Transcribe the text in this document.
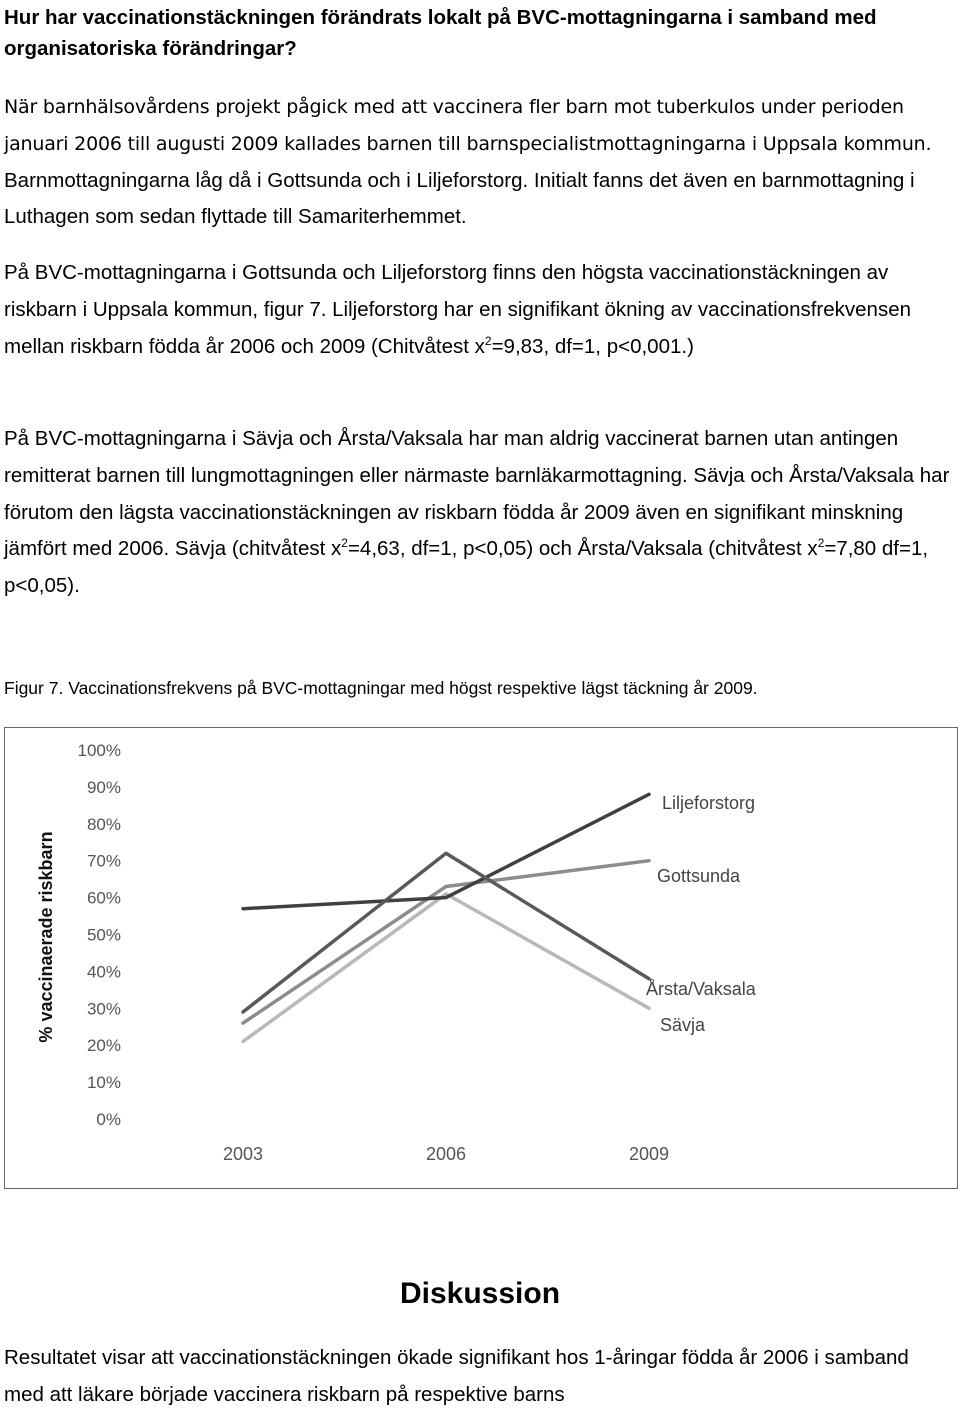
Hur har vaccinationstäckningen förändrats lokalt på BVC-mottagningarna i samband med organisatoriska förändringar?
När barnhälsovårdens projekt pågick med att vaccinera fler barn mot tuberkulos under perioden januari 2006 till augusti 2009 kallades barnen till barnspecialistmottagningarna i Uppsala kommun. Barnmottagningarna låg då i Gottsunda och i Liljeforstorg. Initialt fanns det även en barnmottagning i Luthagen som sedan flyttade till Samariterhemmet.
På BVC-mottagningarna i Gottsunda och Liljeforstorg finns den högsta vaccinationstäckningen av riskbarn i Uppsala kommun, figur 7. Liljeforstorg har en signifikant ökning av vaccinationsfrekvensen mellan riskbarn födda år 2006 och 2009 (Chitvåtest $x^2=9,83$, df=1, p<0,001.)
På BVC-mottagningarna i Sävja och Årsta/Vaksala har man aldrig vaccinerat barnen utan antingen remitterat barnen till lungmottagningen eller närmaste barnläkarmottagning. Sävja och Årsta/Vaksala har förutom den lägsta vaccinationstäckningen av riskbarn födda år 2009 även en signifikant minskning jämfört med 2006. Sävja (chitvåtest $x^2=4,63$, df=1, p<0,05) och Årsta/Vaksala (chitvåtest $x^2=7,80$ df=1, p<0,05).

Figur 7. Vaccinationsfrekvens på BVC-mottagningar med högst respektive lägst täckning år 2009.

0%
10%
20%
30%
40%
50%
60%
70%
80%
90%
100%
2003	2006	2009
% vaccinaerade riskbarn
Liljeforstorg
Gottsunda
Årsta/Vaksala
Sävja
Diskussion

Resultatet visar att vaccinationstäckningen ökade signifikant hos 1-åringar födda år 2006 i samband med att läkare började vaccinera riskbarn på respektive barns
